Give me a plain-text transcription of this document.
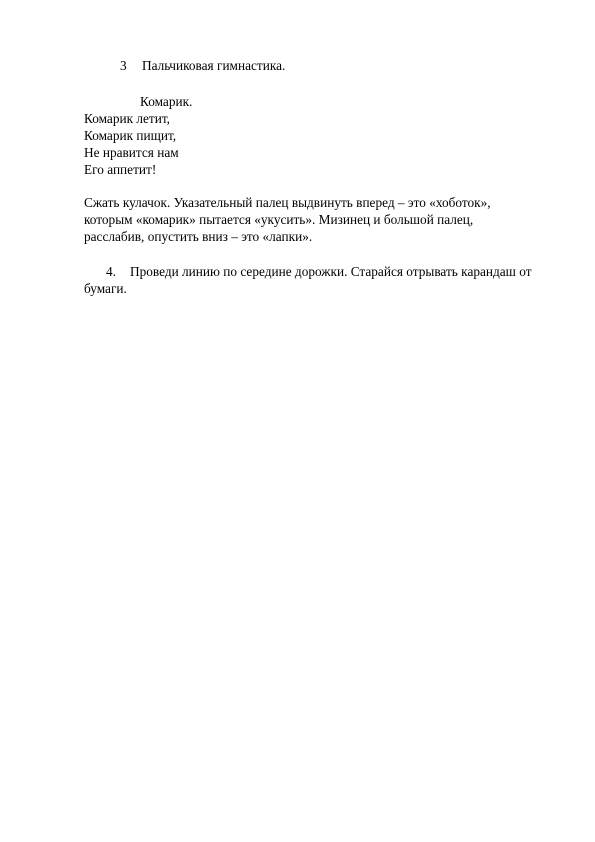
3 Пальчиковая гимнастика.
Комарик.
Комарик летит,
Комарик пищит,
Не нравится нам
Его аппетит!
Сжать кулачок. Указательный палец выдвинуть вперед – это «хоботок»,
которым «комарик» пытается «укусить». Мизинец и большой палец,
расслабив, опустить вниз – это «лапки».
4. Проведи линию по середине дорожки. Старайся отрывать карандаш от
бумаги.
